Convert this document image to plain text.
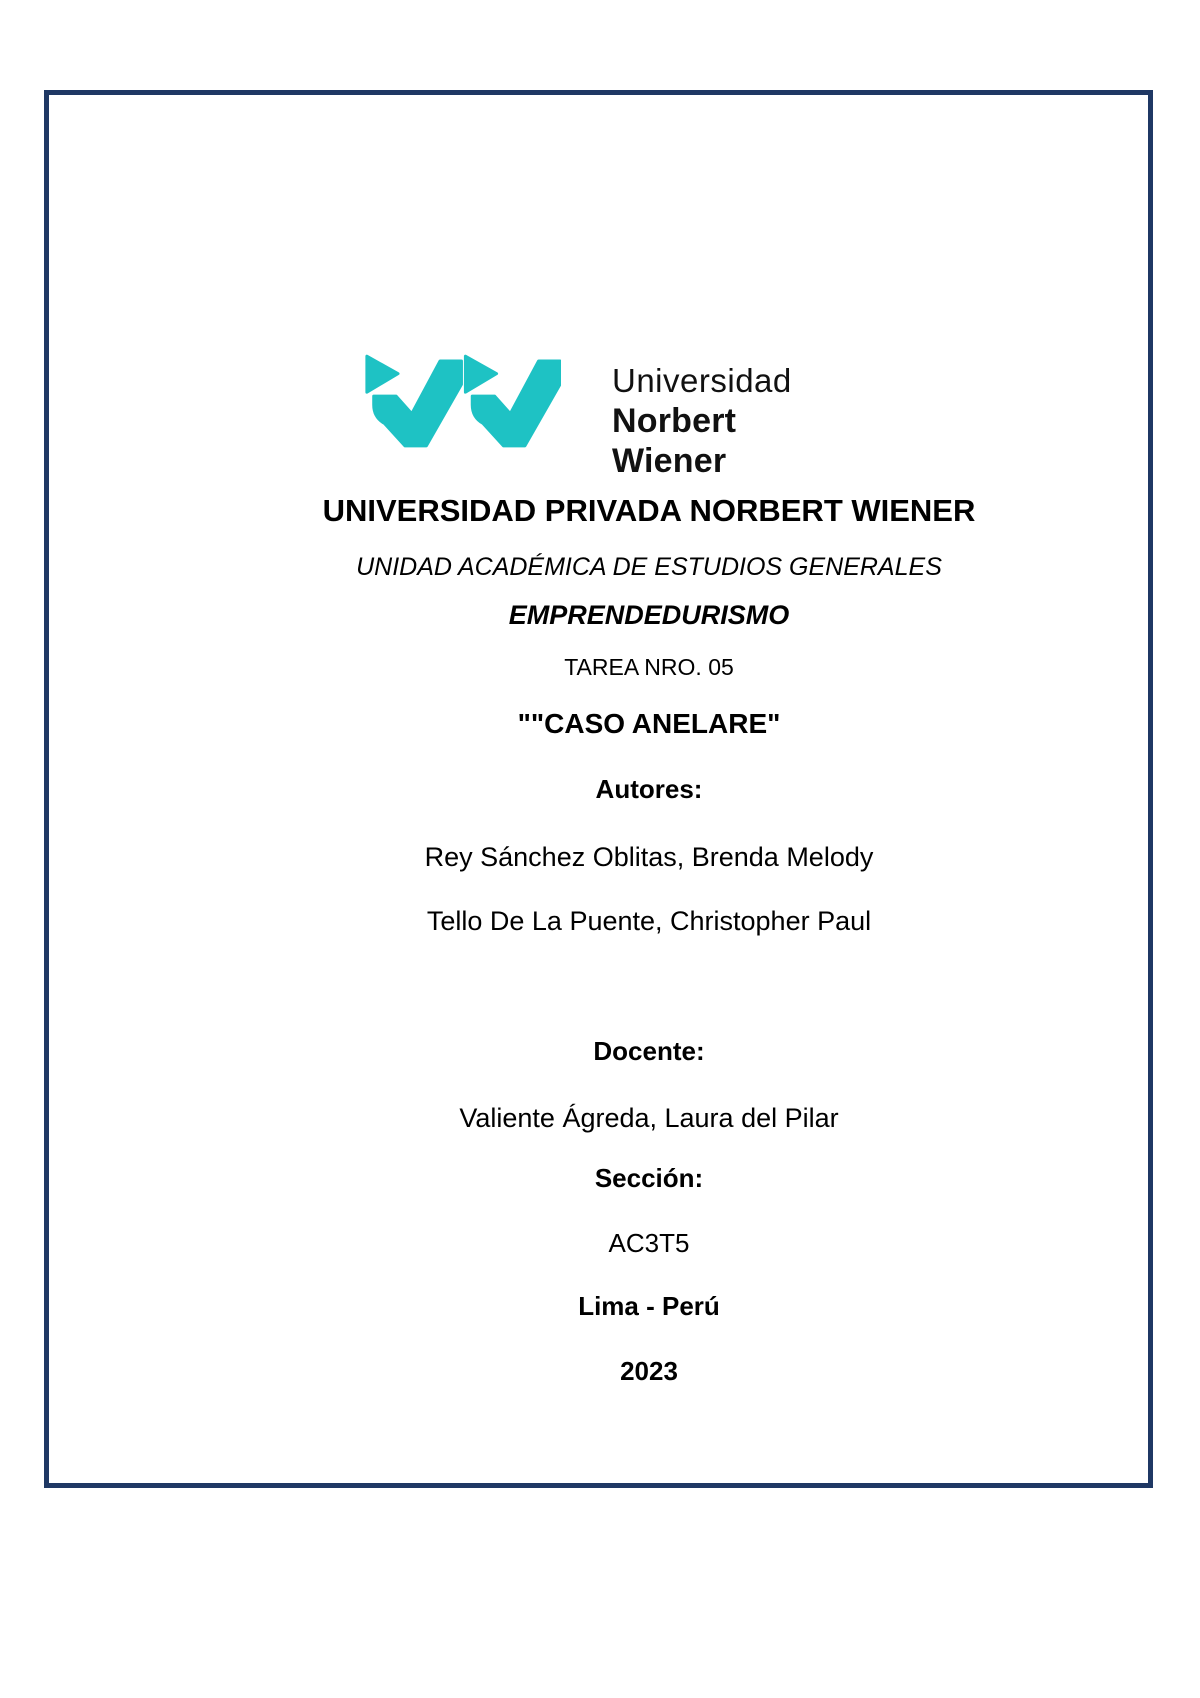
Universidad
Norbert Wiener
UNIVERSIDAD PRIVADA NORBERT WIENER
UNIDAD ACADÉMICA DE ESTUDIOS GENERALES
EMPRENDEDURISMO
TAREA NRO. 05
""CASO ANELARE"
Autores:
Rey Sánchez Oblitas, Brenda Melody
Tello De La Puente, Christopher Paul
Docente:
Valiente Ágreda, Laura del Pilar
Sección:
AC3T5
Lima - Perú
2023
